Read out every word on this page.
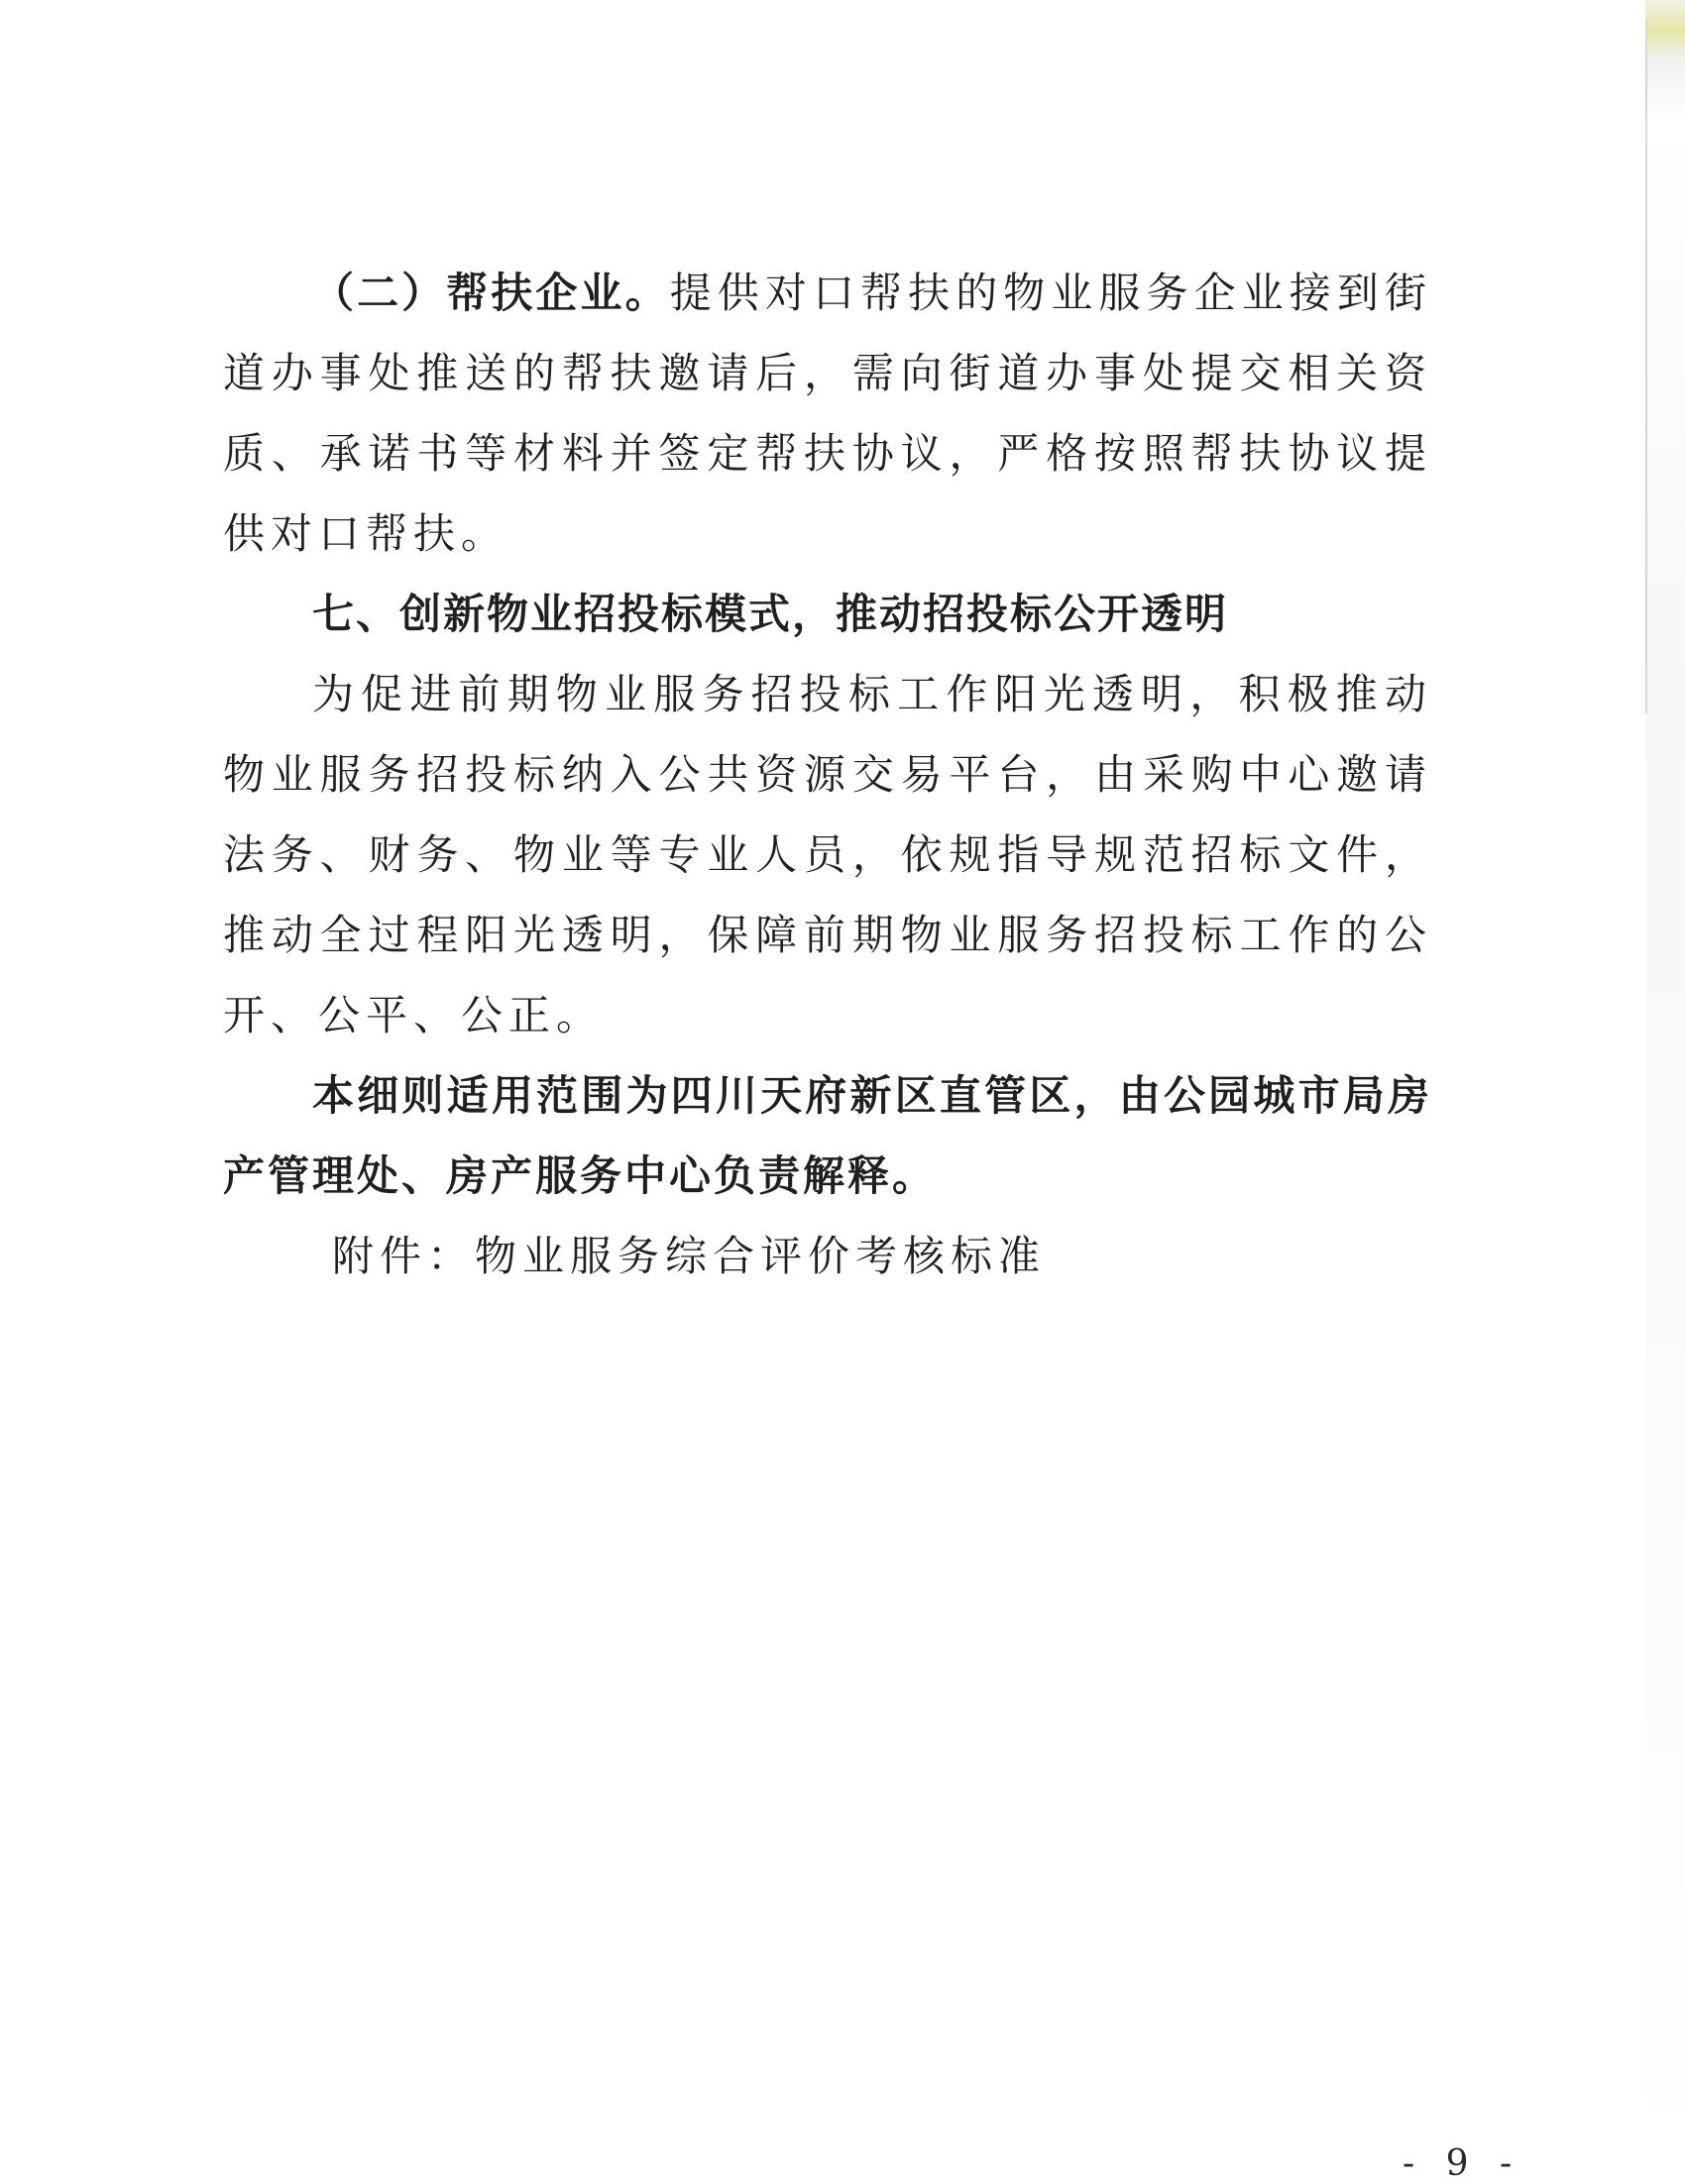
（二）帮扶企业。提供对口帮扶的物业服务企业接到街道办事处推送的帮扶邀请后，需向街道办事处提交相关资质、承诺书等材料并签定帮扶协议，严格按照帮扶协议提供对口帮扶。

七、创新物业招投标模式，推动招投标公开透明

为促进前期物业服务招投标工作阳光透明，积极推动物业服务招投标纳入公共资源交易平台，由采购中心邀请法务、财务、物业等专业人员，依规指导规范招标文件，推动全过程阳光透明，保障前期物业服务招投标工作的公开、公平、公正。

本细则适用范围为四川天府新区直管区，由公园城市局房产管理处、房产服务中心负责解释。

附件：物业服务综合评价考核标准

- 9 -
